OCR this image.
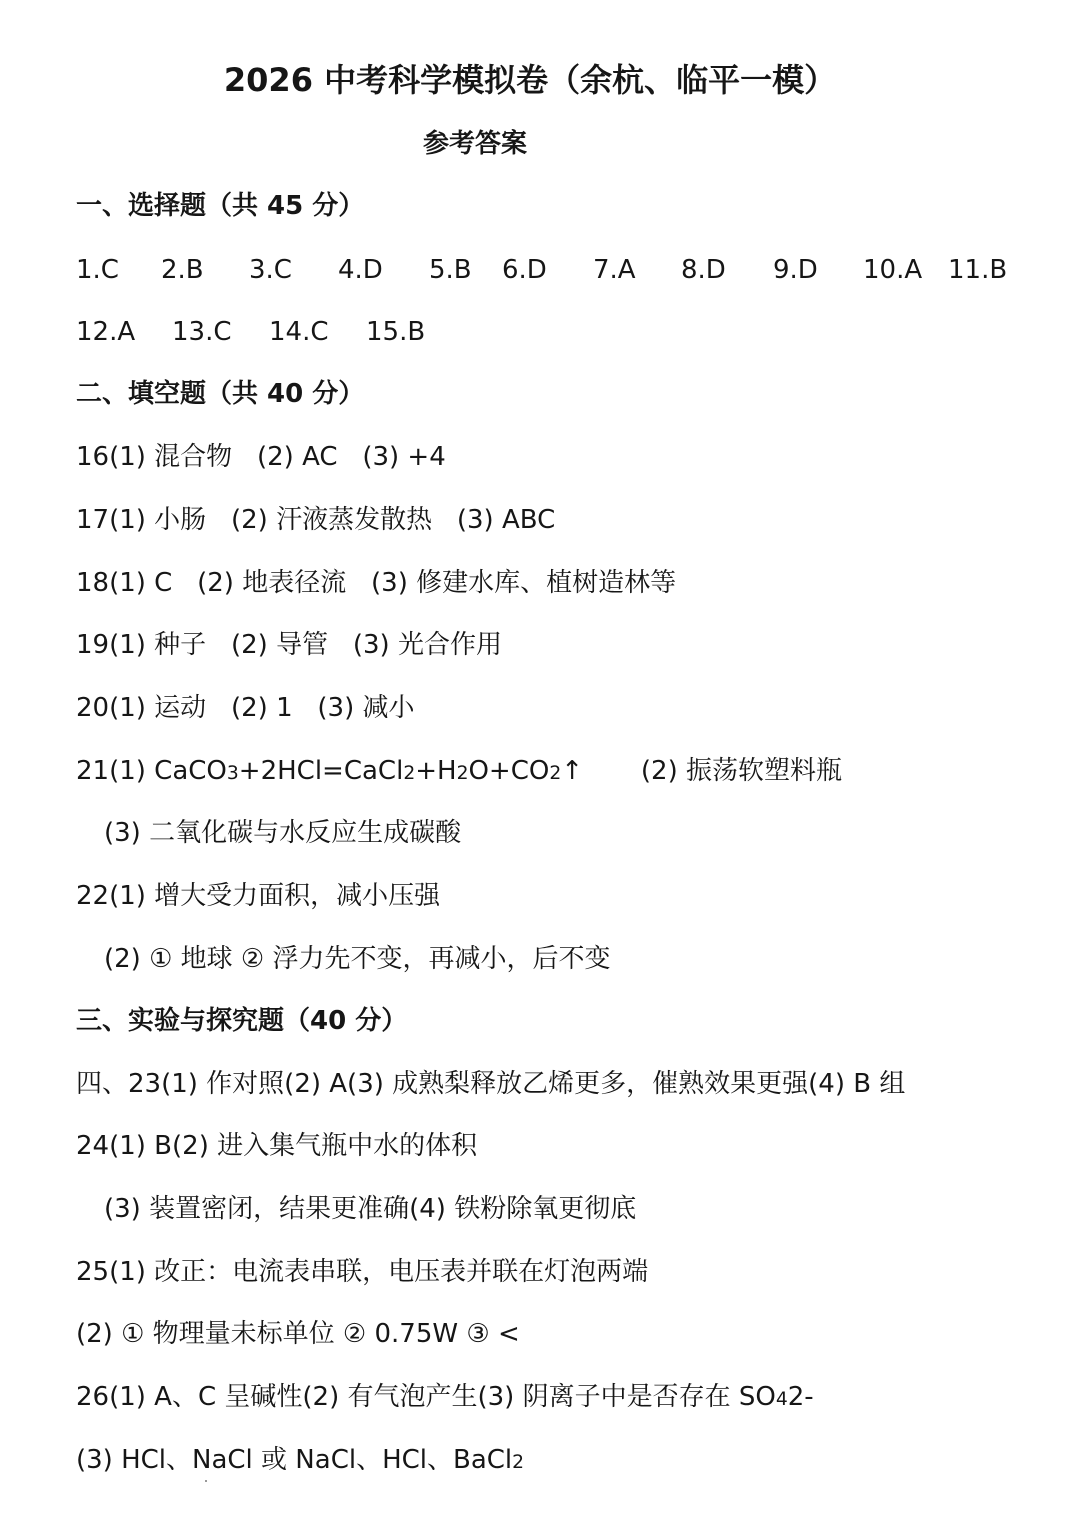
2026 中考科学模拟卷（余杭、临平一模）
参考答案
一、选择题（共 45 分）
1.C 2.B 3.C 4.D 5.B 6.D 7.A 8.D 9.D 10.A 11.B
12.A 13.C 14.C 15.B
二、填空题（共 40 分）
16(1) 混合物   (2) AC   (3) +4
17(1) 小肠   (2) 汗液蒸发散热   (3) ABC
18(1) C   (2) 地表径流   (3) 修建水库、植树造林等
19(1) 种子   (2) 导管   (3) 光合作用
20(1) 运动   (2) 1   (3) 减小
21(1) CaCO3+2HCl=CaCl2+H2O+CO2↑       (2) 振荡软塑料瓶
(3) 二氧化碳与水反应生成碳酸
22(1) 增大受力面积，减小压强
(2) ① 地球 ② 浮力先不变，再减小，后不变
三、实验与探究题（40 分）
四、23(1) 作对照(2) A(3) 成熟梨释放乙烯更多，催熟效果更强(4) B 组
24(1) B(2) 进入集气瓶中水的体积
(3) 装置密闭，结果更准确(4) 铁粉除氧更彻底
25(1) 改正：电流表串联，电压表并联在灯泡两端
(2) ① 物理量未标单位 ② 0.75W ③ <
26(1) A、C 呈碱性(2) 有气泡产生(3) 阴离子中是否存在 SO42-
(3) HCl、NaCl 或 NaCl、HCl、BaCl2
